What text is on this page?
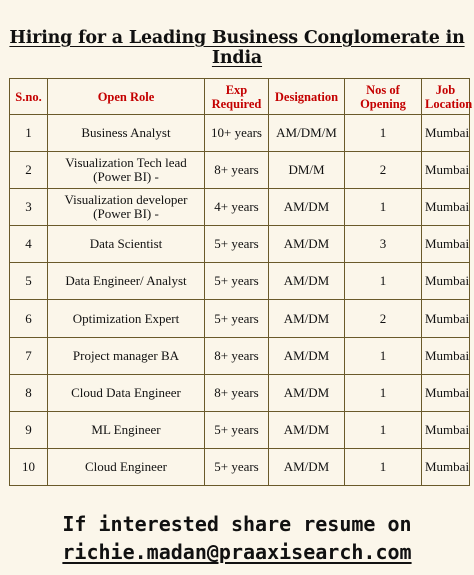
Hiring for a Leading Business Conglomerate in India
S.no.	Open Role	Exp Required	Designation	Nos of Opening	Job Location
1	Business Analyst	10+ years	AM/DM/M	1	Mumbai
2	Visualization Tech lead (Power BI) -	8+ years	DM/M	2	Mumbai
3	Visualization developer (Power BI) -	4+ years	AM/DM	1	Mumbai
4	Data Scientist	5+ years	AM/DM	3	Mumbai
5	Data Engineer/ Analyst	5+ years	AM/DM	1	Mumbai
6	Optimization Expert	5+ years	AM/DM	2	Mumbai
7	Project manager BA	8+ years	AM/DM	1	Mumbai
8	Cloud Data Engineer	8+ years	AM/DM	1	Mumbai
9	ML Engineer	5+ years	AM/DM	1	Mumbai
10	Cloud Engineer	5+ years	AM/DM	1	Mumbai
If interested share resume on
richie.madan@praaxisearch.com
